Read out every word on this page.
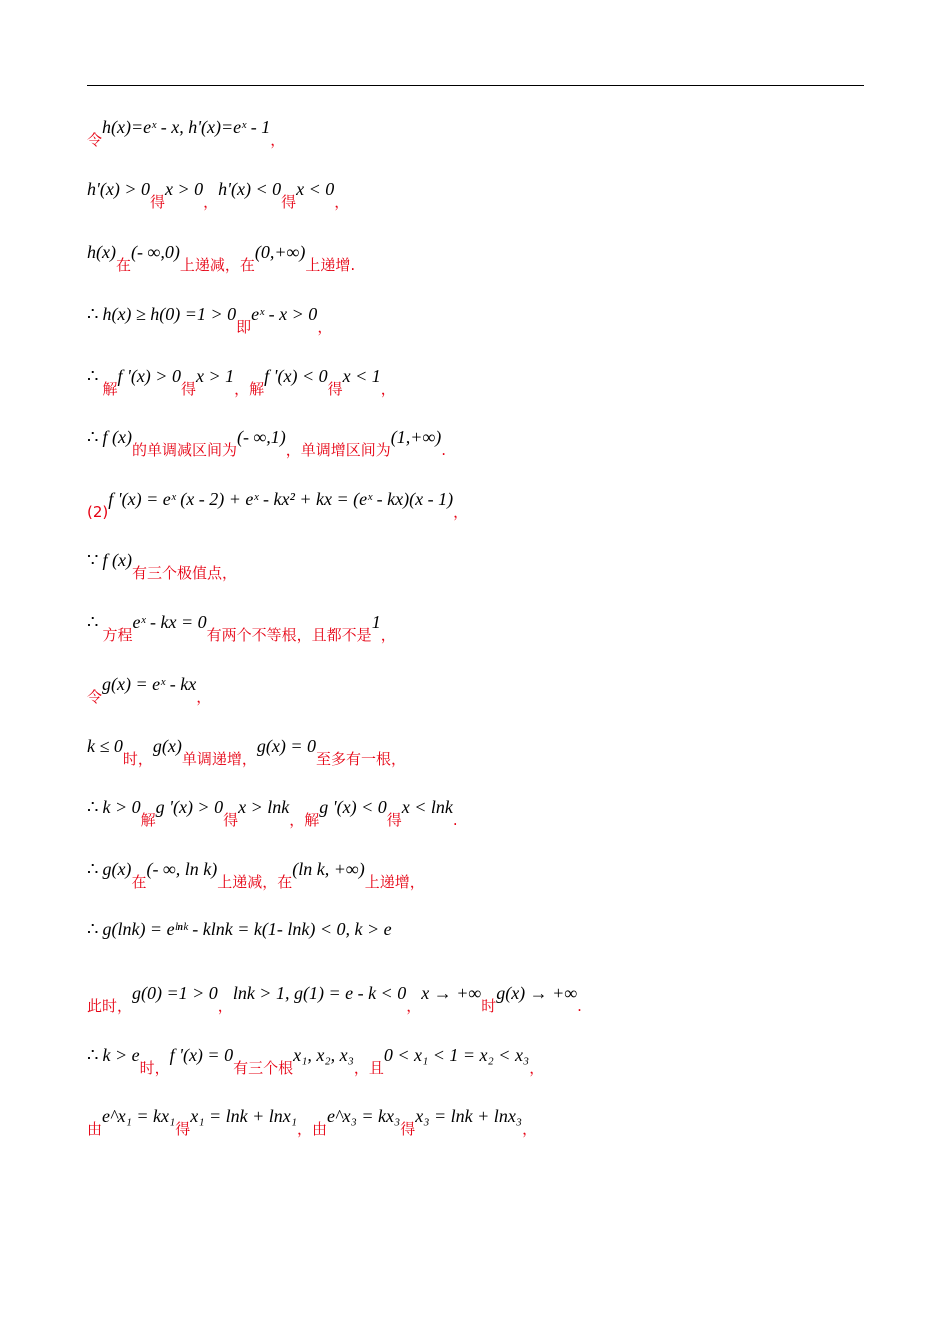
令h(x)=eˣ - x, h'(x)=eˣ - 1，
h'(x) > 0得x > 0，h'(x) < 0得x < 0，
h(x)在(- ∞,0)上递减，在(0,+∞)上递增.
∴ h(x) ≥ h(0) =1 > 0即eˣ - x > 0，
∴解f '(x) > 0得x > 1，解f '(x) < 0得x < 1，
∴ f (x)的单调减区间为(- ∞,1)，单调增区间为(1,+∞).
(2)f '(x) = eˣ (x - 2) + eˣ - kx² + kx = (eˣ - kx)(x - 1)，
∵ f (x)有三个极值点，
∴方程eˣ - kx = 0有两个不等根，且都不是1，
令g(x) = eˣ - kx，
k ≤ 0时，g(x)单调递增，g(x) = 0至多有一根，
∴ k > 0解g '(x) > 0得x > lnk，解g '(x) < 0得x < lnk.
∴ g(x)在(- ∞, ln k)上递减，在(ln k, +∞)上递增，
∴ g(lnk) = eˡⁿᵏ - klnk = k(1- lnk) < 0, k > e
此时，g(0) =1 > 0，lnk > 1, g(1) = e - k < 0，x → +∞时g(x) → +∞.
∴ k > e时，f '(x) = 0有三个根x₁, x₂, x₃，且0 < x₁ < 1 = x₂ < x₃，
由e^x₁ = kx₁得x₁ = lnk + lnx₁，由e^x₃ = kx₃得x₃ = lnk + lnx₃，
